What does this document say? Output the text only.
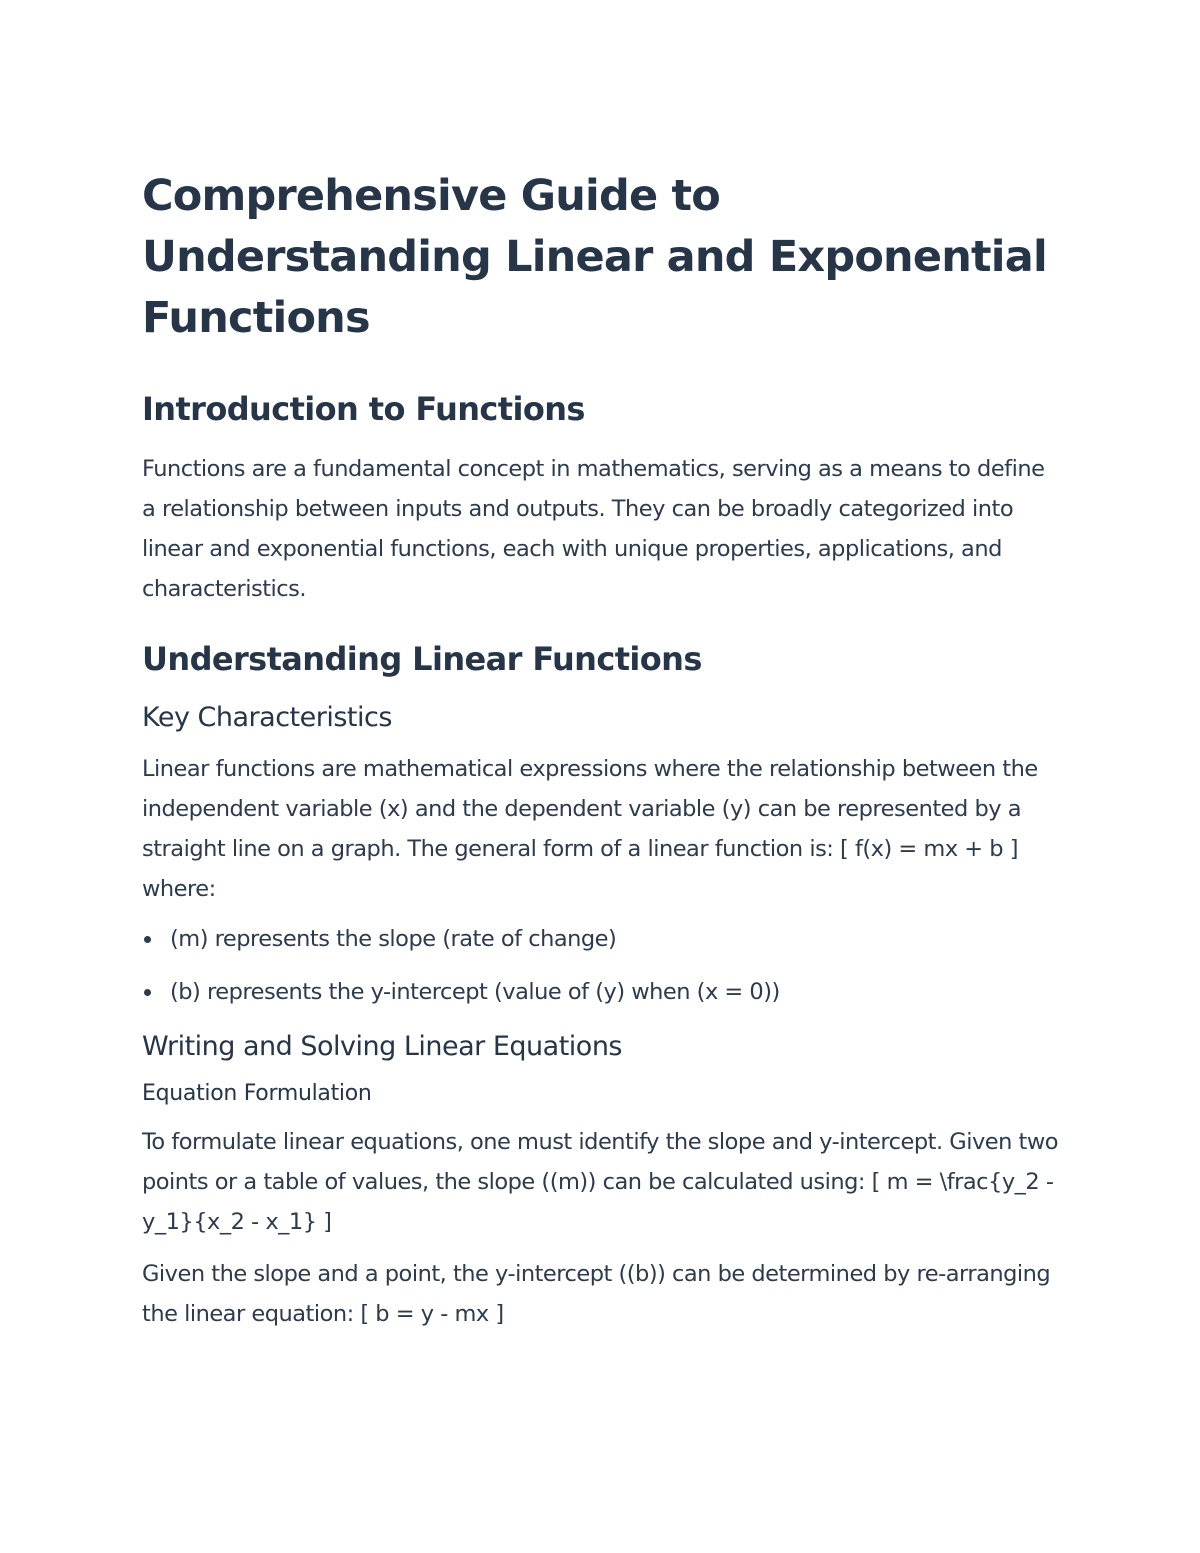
Comprehensive Guide to Understanding Linear and Exponential Functions
Introduction to Functions

Functions are a fundamental concept in mathematics, serving as a means to define a relationship between inputs and outputs. They can be broadly categorized into linear and exponential functions, each with unique properties, applications, and characteristics.

Understanding Linear Functions
Key Characteristics

Linear functions are mathematical expressions where the relationship between the independent variable (x) and the dependent variable (y) can be represented by a straight line on a graph. The general form of a linear function is: [ f(x) = mx + b ] where:

(m) represents the slope (rate of change)
(b) represents the y-intercept (value of (y) when (x = 0))
Writing and Solving Linear Equations
Equation Formulation

To formulate linear equations, one must identify the slope and y-intercept. Given two points or a table of values, the slope ((m)) can be calculated using: [ m = \frac{y_2 - y_1}{x_2 - x_1} ]

Given the slope and a point, the y-intercept ((b)) can be determined by re-arranging the linear equation: [ b = y - mx ]
